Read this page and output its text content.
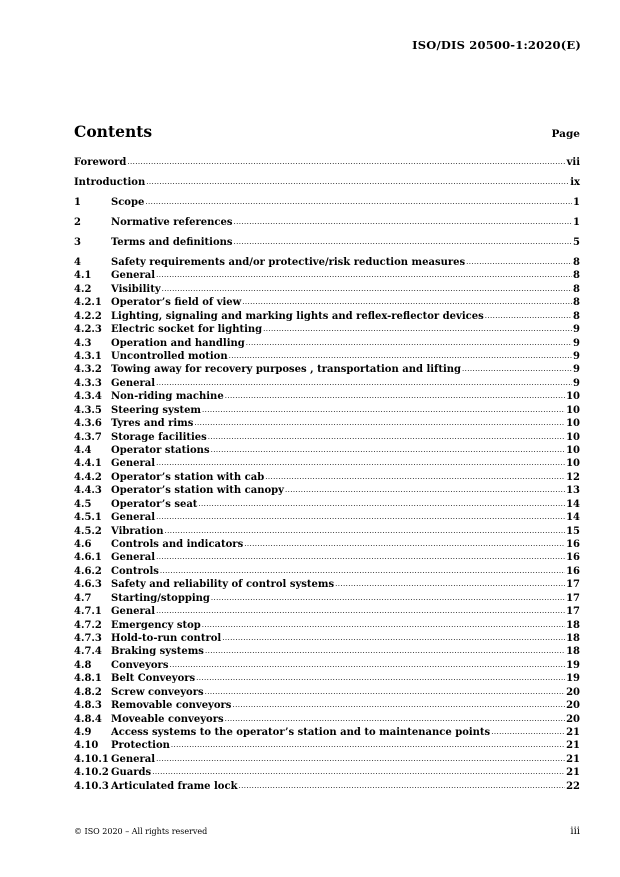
ISO/DIS 20500-1:2020(E)
Contents	Page
Foreword .....	vii
Introduction .....	ix
1	Scope .....	1
2	Normative references .....	1
3	Terms and definitions .....	5
4	Safety requirements and/or protective/risk reduction measures .....	8
4.1	General .....	8
4.2	Visibility .....	8
4.2.1 Operator’s field of view .....	8
4.2.2 Lighting, signaling and marking lights and reflex-reflector devices .....	8
4.2.3 Electric socket for lighting .....	9
4.3	Operation and handling .....	9
4.3.1 Uncontrolled motion .....	9
4.3.2 Towing away for recovery purposes , transportation and lifting .....	9
4.3.3 General .....	9
4.3.4 Non-riding machine .....	10
4.3.5 Steering system .....	10
4.3.6 Tyres and rims .....	10
4.3.7 Storage facilities .....	10
4.4	Operator stations .....	10
4.4.1 General .....	10
4.4.2 Operator’s station with cab .....	12
4.4.3 Operator’s station with canopy .....	13
4.5	Operator’s seat .....	14
4.5.1 General .....	14
4.5.2 Vibration .....	15
4.6	Controls and indicators .....	16
4.6.1 General .....	16
4.6.2 Controls .....	16
4.6.3 Safety and reliability of control systems .....	17
4.7	Starting/stopping .....	17
4.7.1 General .....	17
4.7.2 Emergency stop .....	18
4.7.3 Hold-to-run control .....	18
4.7.4 Braking systems .....	18
4.8	Conveyors .....	19
4.8.1 Belt Conveyors .....	19
4.8.2 Screw conveyors .....	20
4.8.3 Removable conveyors .....	20
4.8.4 Moveable conveyors .....	20
4.9	Access systems to the operator’s station and to maintenance points .....	21
4.10	Protection .....	21
4.10.1 General .....	21
4.10.2 Guards .....	21
4.10.3 Articulated frame lock .....	22
© ISO 2020 – All rights reserved	iii
